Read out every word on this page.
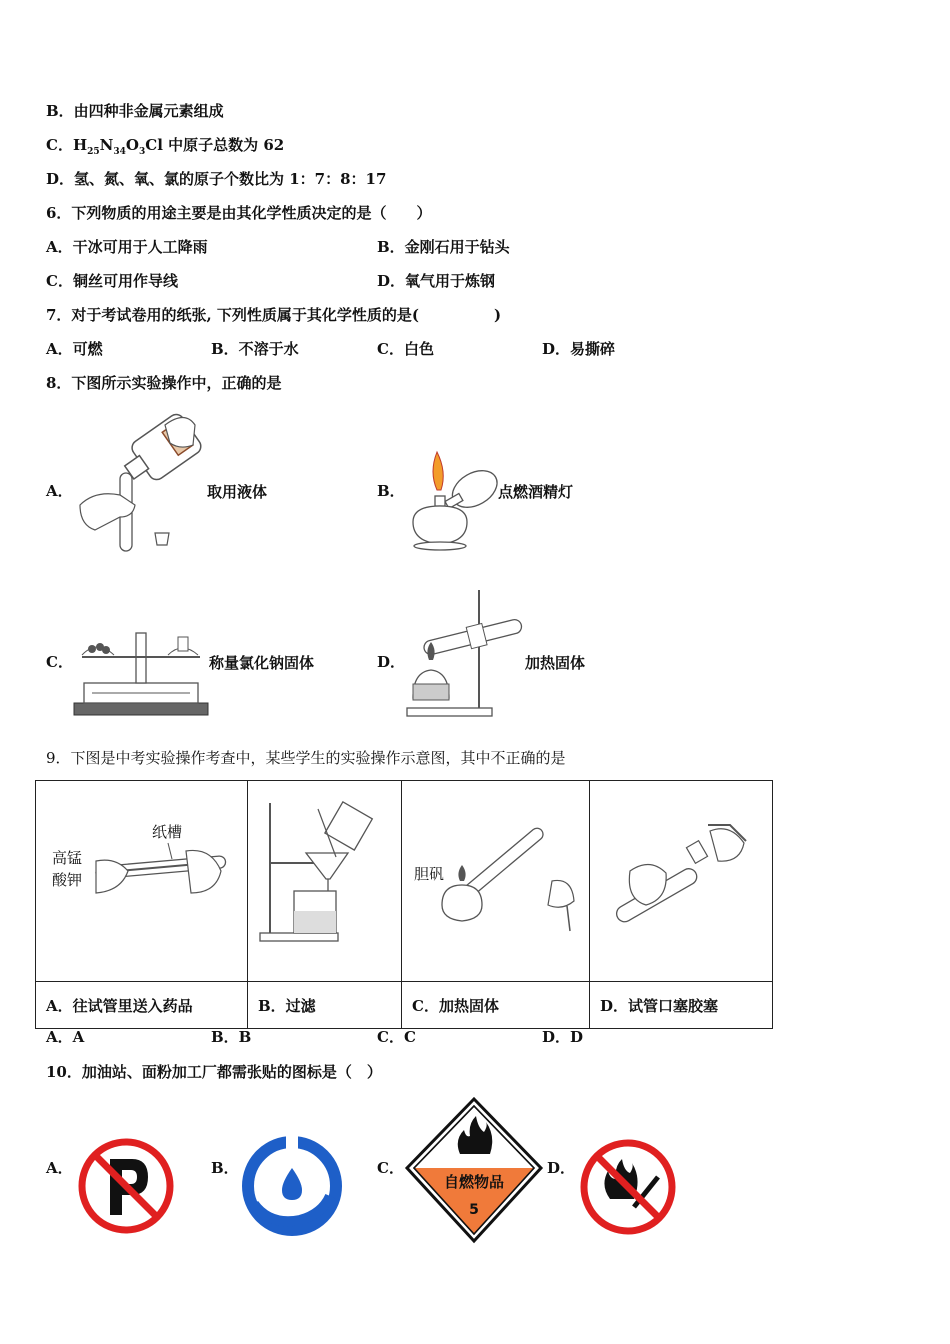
B．由四种非金属元素组成
C．$H_{25}N_{34}O_3Cl$ 中原子总数为 62
D．氢、氮、氧、氯的原子个数比为 1：7：8：17
6．下列物质的用途主要是由其化学性质决定的是（　　）
A．干冰可用于人工降雨	B．金刚石用于钻头
C．铜丝可用作导线	D．氧气用于炼钢
7．对于考试卷用的纸张, 下列性质属于其化学性质的是(　　　　　)
A．可燃	B．不溶于水	C．白色	D．易撕碎
8．下图所示实验操作中，正确的是
A．	取用液体	B．	点燃酒精灯
C．	称量氯化钠固体	D．	加热固体
9．下图是中考实验操作考查中，某些学生的实验操作示意图，其中不正确的是
纸槽
高锰
酸钾		胆矾

A．往试管里送入药品	B．过滤	C．加热固体	D．试管口塞胶塞
A．A	B．B	C．C	D．D
10．加油站、面粉加工厂都需张贴的图标是（　）
A．	B．	C．
自燃物品
5
D．
